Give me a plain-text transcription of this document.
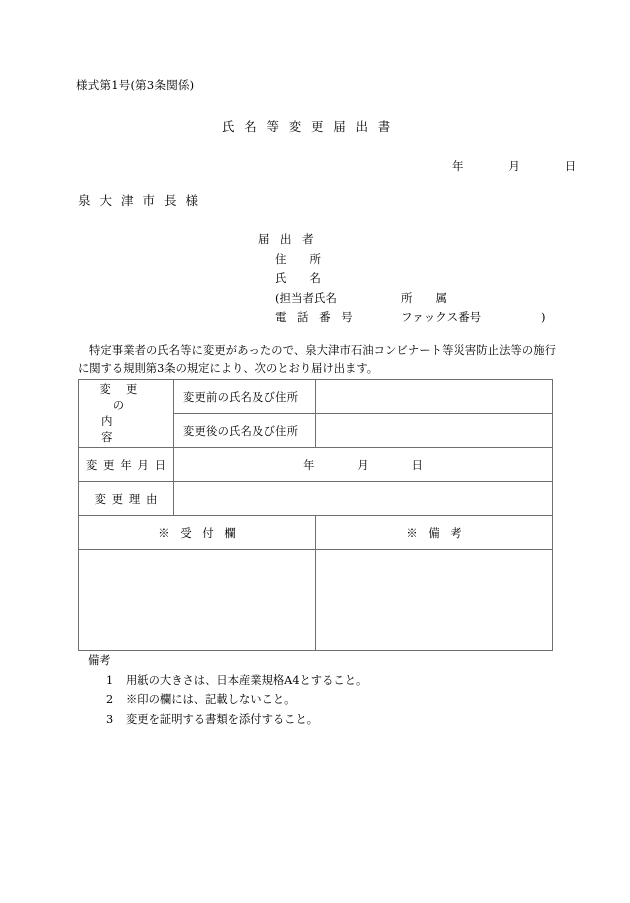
様式第1号(第3条関係)
氏名等変更届出書
年　月　日
泉大津市長様
届 出 者
住　　所
氏　　名
(担当者氏名	所　　属
電 話 番 号	ファックス番号	)
特定事業者の氏名等に変更があったので、泉大津市石油コンビナート等災害防止法等の施行に関する規則第3条の規定により、次のとおり届け出ます。
変更の
内容	変更前の氏名及び住所	

	変更後の氏名及び住所	

変更年月日	年　月　日	

変更理由		

※受付欄		※備考

備考
1 用紙の大きさは、日本産業規格A4とすること。
2 ※印の欄には、記載しないこと。
3 変更を証明する書類を添付すること。
